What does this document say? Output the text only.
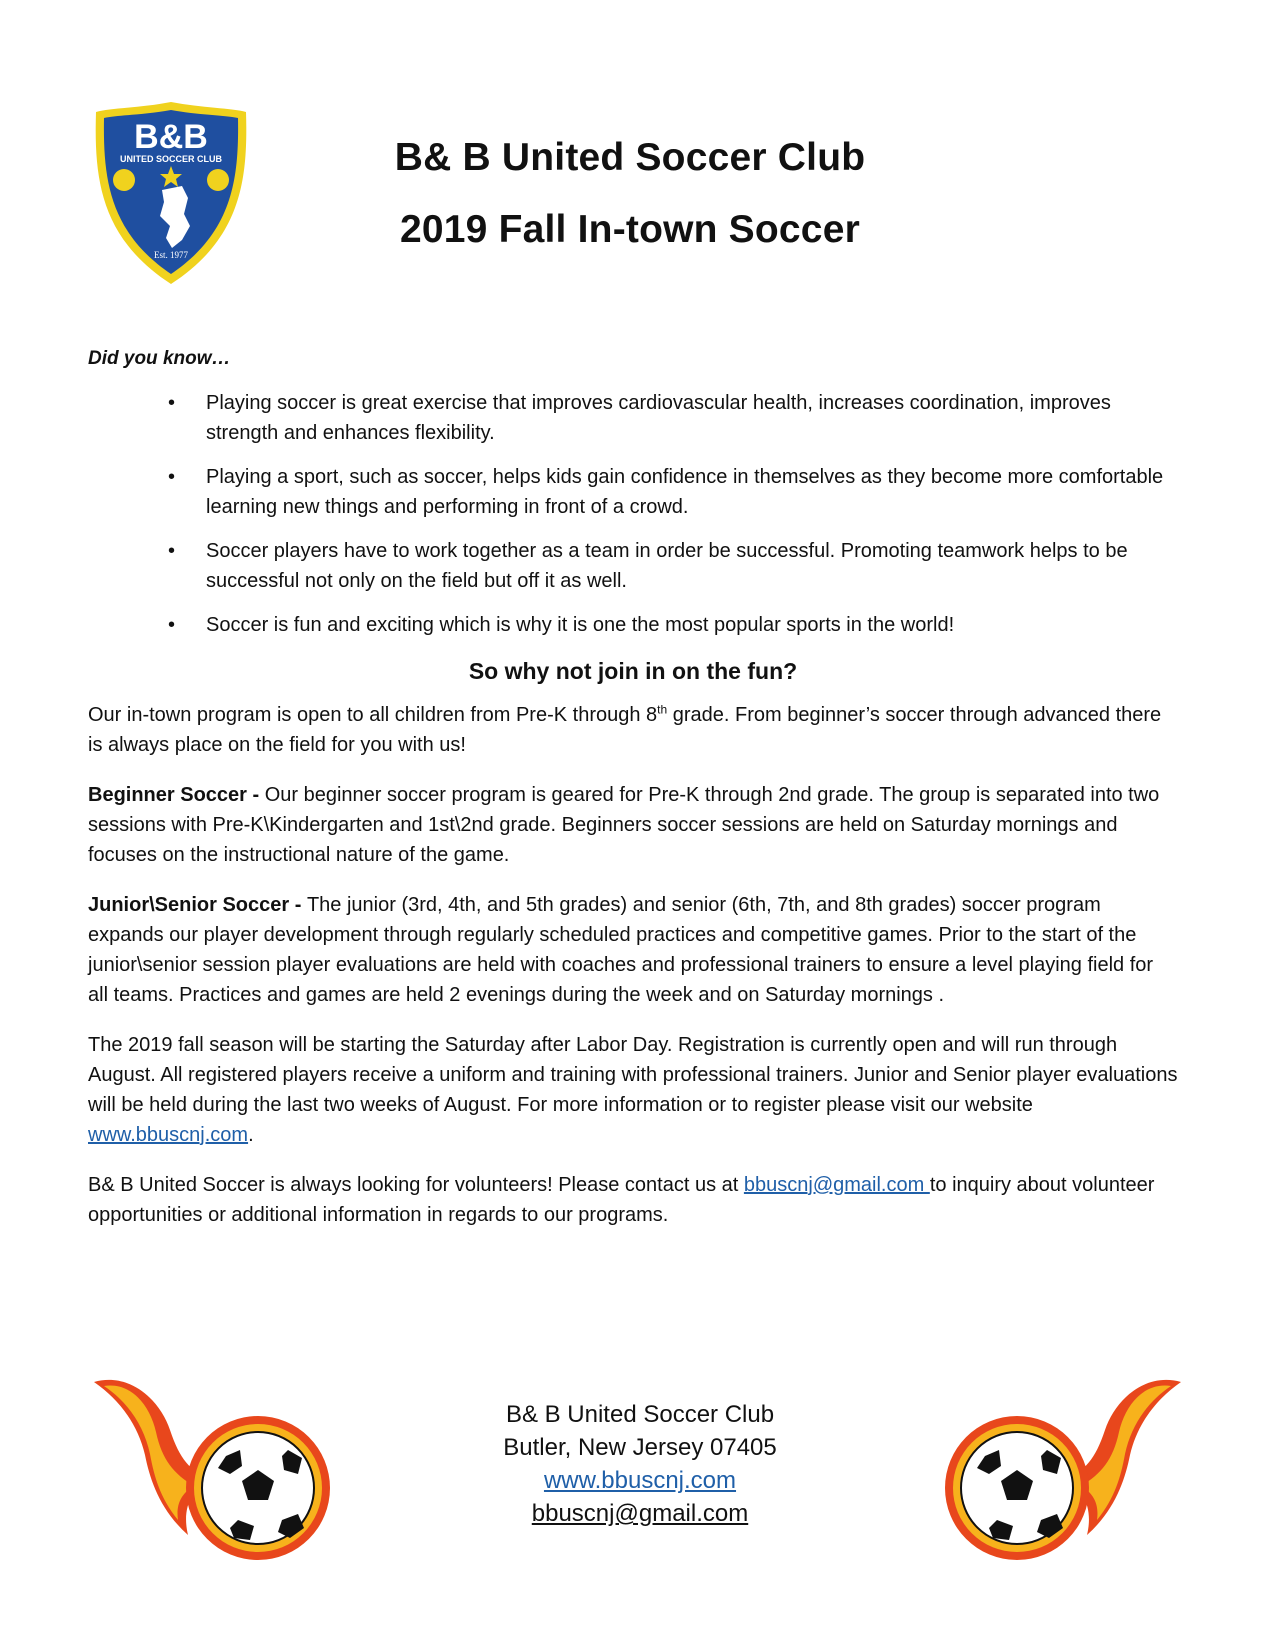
B&B
UNITED SOCCER CLUB
Est. 1977
B& B United Soccer Club
2019 Fall In-town Soccer
Did you know…
• Playing soccer is great exercise that improves cardiovascular health, increases coordination, improves strength and enhances flexibility.
• Playing a sport, such as soccer, helps kids gain confidence in themselves as they become more comfortable learning new things and performing in front of a crowd.
• Soccer players have to work together as a team in order be successful. Promoting teamwork helps to be successful not only on the field but off it as well.
• Soccer is fun and exciting which is why it is one the most popular sports in the world!
So why not join in on the fun?

Our in-town program is open to all children from Pre-K through 8th grade. From beginner’s soccer through advanced there is always place on the field for you with us!

Beginner Soccer - Our beginner soccer program is geared for Pre-K through 2nd grade. The group is separated into two sessions with Pre-K\Kindergarten and 1st\2nd grade. Beginners soccer sessions are held on Saturday mornings and focuses on the instructional nature of the game.

Junior\Senior Soccer - The junior (3rd, 4th, and 5th grades) and senior (6th, 7th, and 8th grades) soccer program expands our player development through regularly scheduled practices and competitive games. Prior to the start of the junior\senior session player evaluations are held with coaches and professional trainers to ensure a level playing field for all teams. Practices and games are held 2 evenings during the week and on Saturday mornings .

The 2019 fall season will be starting the Saturday after Labor Day. Registration is currently open and will run through August. All registered players receive a uniform and training with professional trainers. Junior and Senior player evaluations will be held during the last two weeks of August. For more information or to register please visit our website www.bbuscnj.com.

B& B United Soccer is always looking for volunteers! Please contact us at bbuscnj@gmail.com to inquiry about volunteer opportunities or additional information in regards to our programs.

B& B United Soccer Club
Butler, New Jersey 07405
www.bbuscnj.com
bbuscnj@gmail.com
